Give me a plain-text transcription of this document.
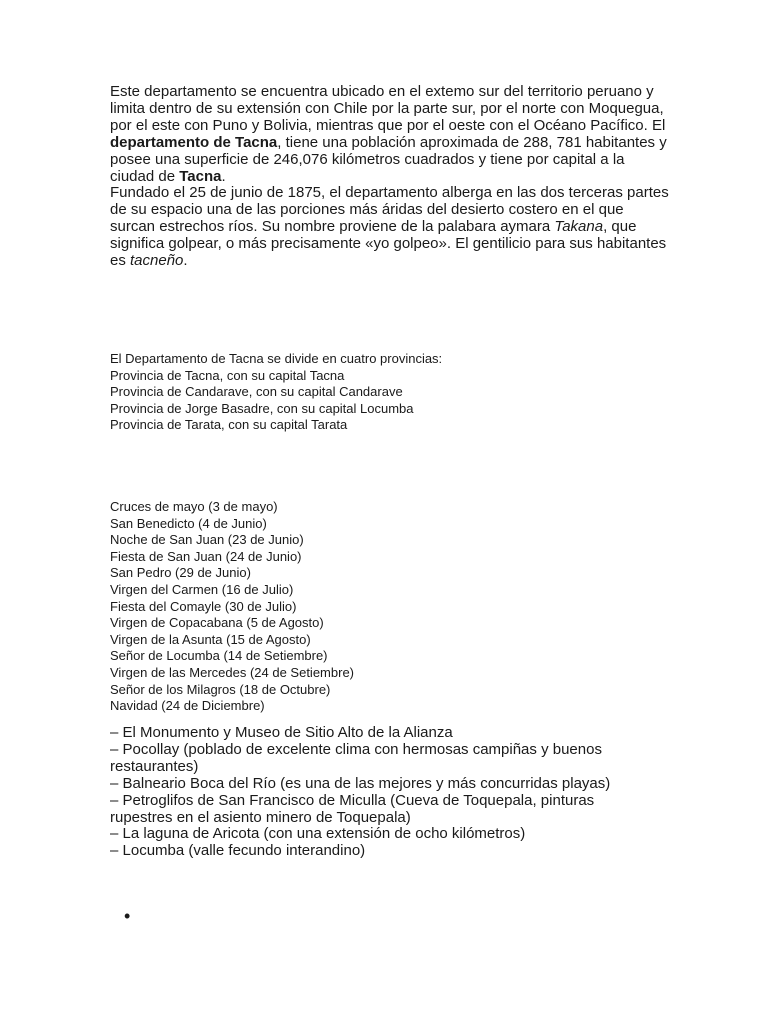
Este departamento se encuentra ubicado en el extemo sur del territorio peruano y limita dentro de su extensión con Chile por la parte sur, por el norte con Moquegua, por el este con Puno y Bolivia, mientras que por el oeste con el Océano Pacífico. El departamento de Tacna, tiene una población aproximada de 288, 781 habitantes y posee una superficie de 246,076 kilómetros cuadrados y tiene por capital a la ciudad de Tacna.
Fundado el 25 de junio de 1875, el departamento alberga en las dos terceras partes de su espacio una de las porciones más áridas del desierto costero en el que surcan estrechos ríos. Su nombre proviene de la palabara aymara Takana, que significa golpear, o más precisamente «yo golpeo». El gentilicio para sus habitantes es tacneño.
El Departamento de Tacna se divide en cuatro provincias:
Provincia de Tacna, con su capital Tacna
Provincia de Candarave, con su capital Candarave
Provincia de Jorge Basadre, con su capital Locumba
Provincia de Tarata, con su capital Tarata
Cruces de mayo (3 de mayo)
San Benedicto (4 de Junio)
Noche de San Juan (23 de Junio)
Fiesta de San Juan (24 de Junio)
San Pedro (29 de Junio)
Virgen del Carmen (16 de Julio)
Fiesta del Comayle (30 de Julio)
Virgen de Copacabana (5 de Agosto)
Virgen de la Asunta (15 de Agosto)
Señor de Locumba (14 de Setiembre)
Virgen de las Mercedes (24 de Setiembre)
Señor de los Milagros (18 de Octubre)
Navidad (24 de Diciembre)
– El Monumento y Museo de Sitio Alto de la Alianza
– Pocollay (poblado de excelente clima con hermosas campiñas y buenos restaurantes)
– Balneario Boca del Río (es una de las mejores y más concurridas playas)
– Petroglifos de San Francisco de Miculla (Cueva de Toquepala, pinturas rupestres en el asiento minero de Toquepala)
– La laguna de Aricota (con una extensión de ocho kilómetros)
– Locumba (valle fecundo interandino)
•
